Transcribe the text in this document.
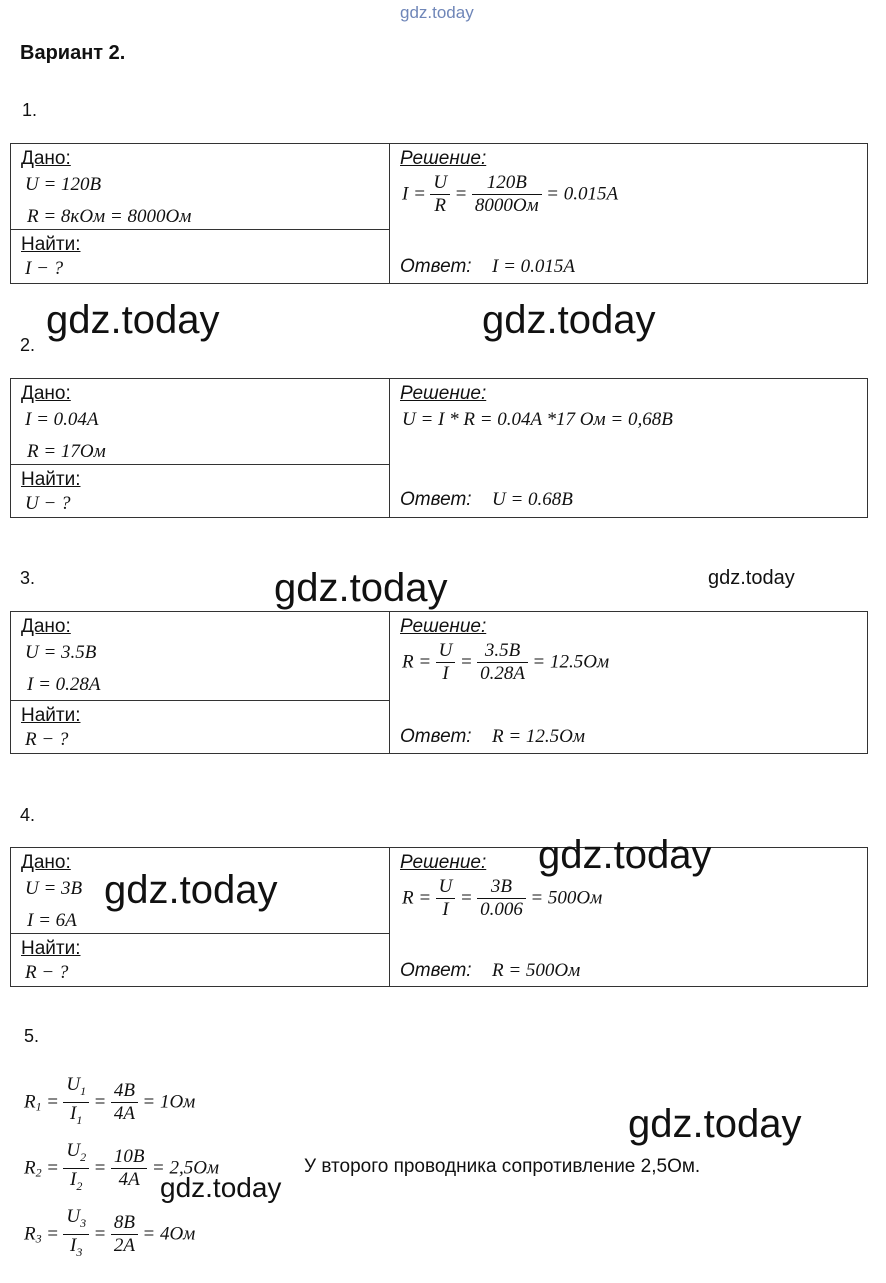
gdz.today
Вариант 2.
1.
Дано:
U = 120B
R = 8кОм = 8000Ом

Решение:
$I = \frac{U}{R} = \frac{120B}{8000Ом} = 0.015A$
Ответ: I = 0.015A

Найти:
I − ?
gdz.today	gdz.today
2.
Дано:
I = 0.04A
R = 17Ом

Решение:
U = I * R = 0.04A *17 Ом = 0,68В
Ответ: U = 0.68B

Найти:
U − ?
3.	gdz.today	gdz.today
Дано:
U = 3.5B
I = 0.28A

Решение:
$R = \frac{U}{I} = \frac{3.5B}{0.28A} = 12.5Ом$
Ответ: R = 12.5Ом

Найти:
R − ?
4.
Дано:
U = 3B
I = 6A

Решение:
$R = \frac{U}{I} = \frac{3B}{0.006} = 500Ом$
Ответ: R = 500Ом

Найти:
R − ?
gdz.today
gdz.today
5.
$R_1 = \frac{U_1}{I_1} = \frac{4B}{4A} = 1Ом$
$R_2 = \frac{U_2}{I_2} = \frac{10B}{4A} = 2,5Ом$
$R_3 = \frac{U_3}{I_3} = \frac{8B}{2A} = 4Ом$
У второго проводника сопротивление 2,5Ом.
gdz.today
gdz.today
